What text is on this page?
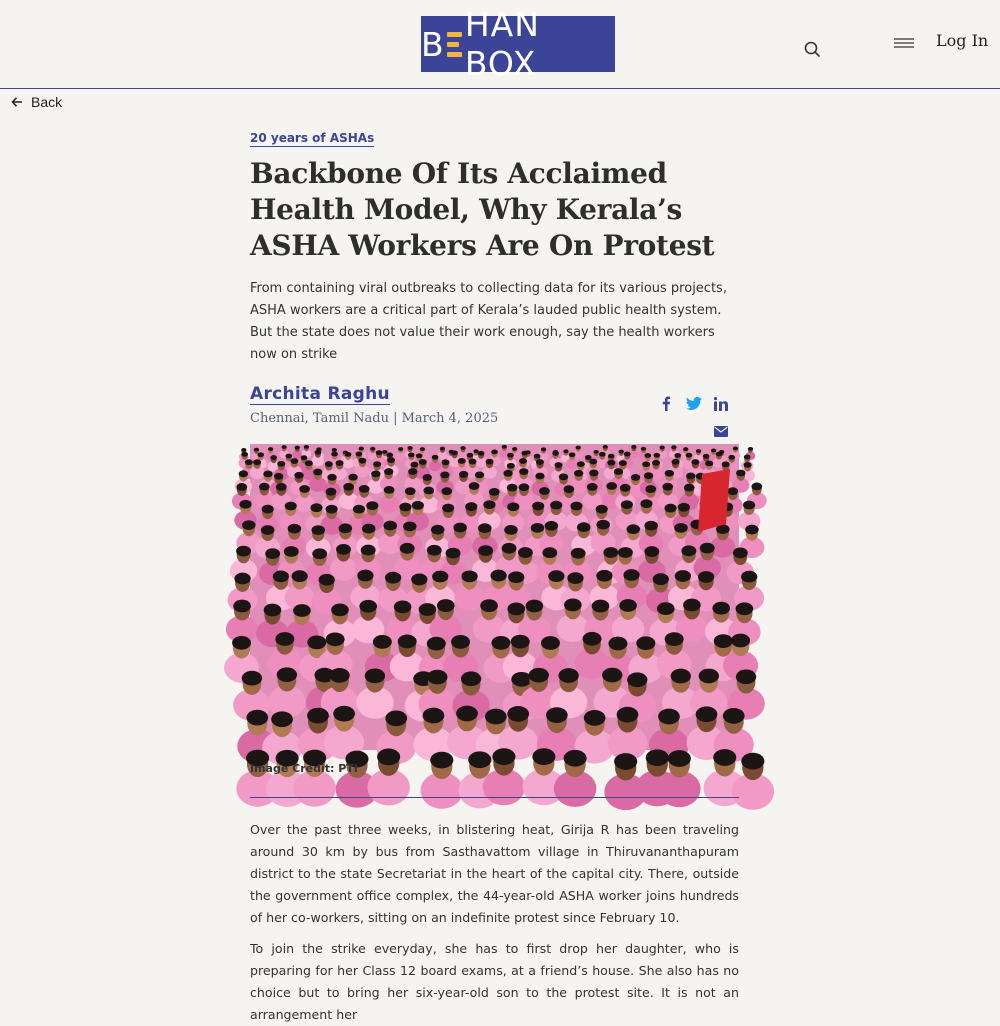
B HAN BOX
Log In
Back
20 years of ASHAs
Backbone Of Its Acclaimed Health Model, Why Kerala’s ASHA Workers Are On Protest

From containing viral outbreaks to collecting data for its various projects, ASHA workers are a critical part of Kerala’s lauded public health system. But the state does not value their work enough, say the health workers now on strike

Archita Raghu
Chennai, Tamil Nadu | March 4, 2025
Image Credit: PTI

Over the past three weeks, in blistering heat, Girija R has been traveling around 30 km by bus from Sasthavattom village in Thiruvananthapuram district to the state Secretariat in the heart of the capital city. There, outside the government office complex, the 44-year-old ASHA worker joins hundreds of her co-workers, sitting on an indefinite protest since February 10.

To join the strike everyday, she has to first drop her daughter, who is preparing for her Class 12 board exams, at a friend’s house. She also has no choice but to bring her six-year-old son to the protest site. It is not an arrangement her
